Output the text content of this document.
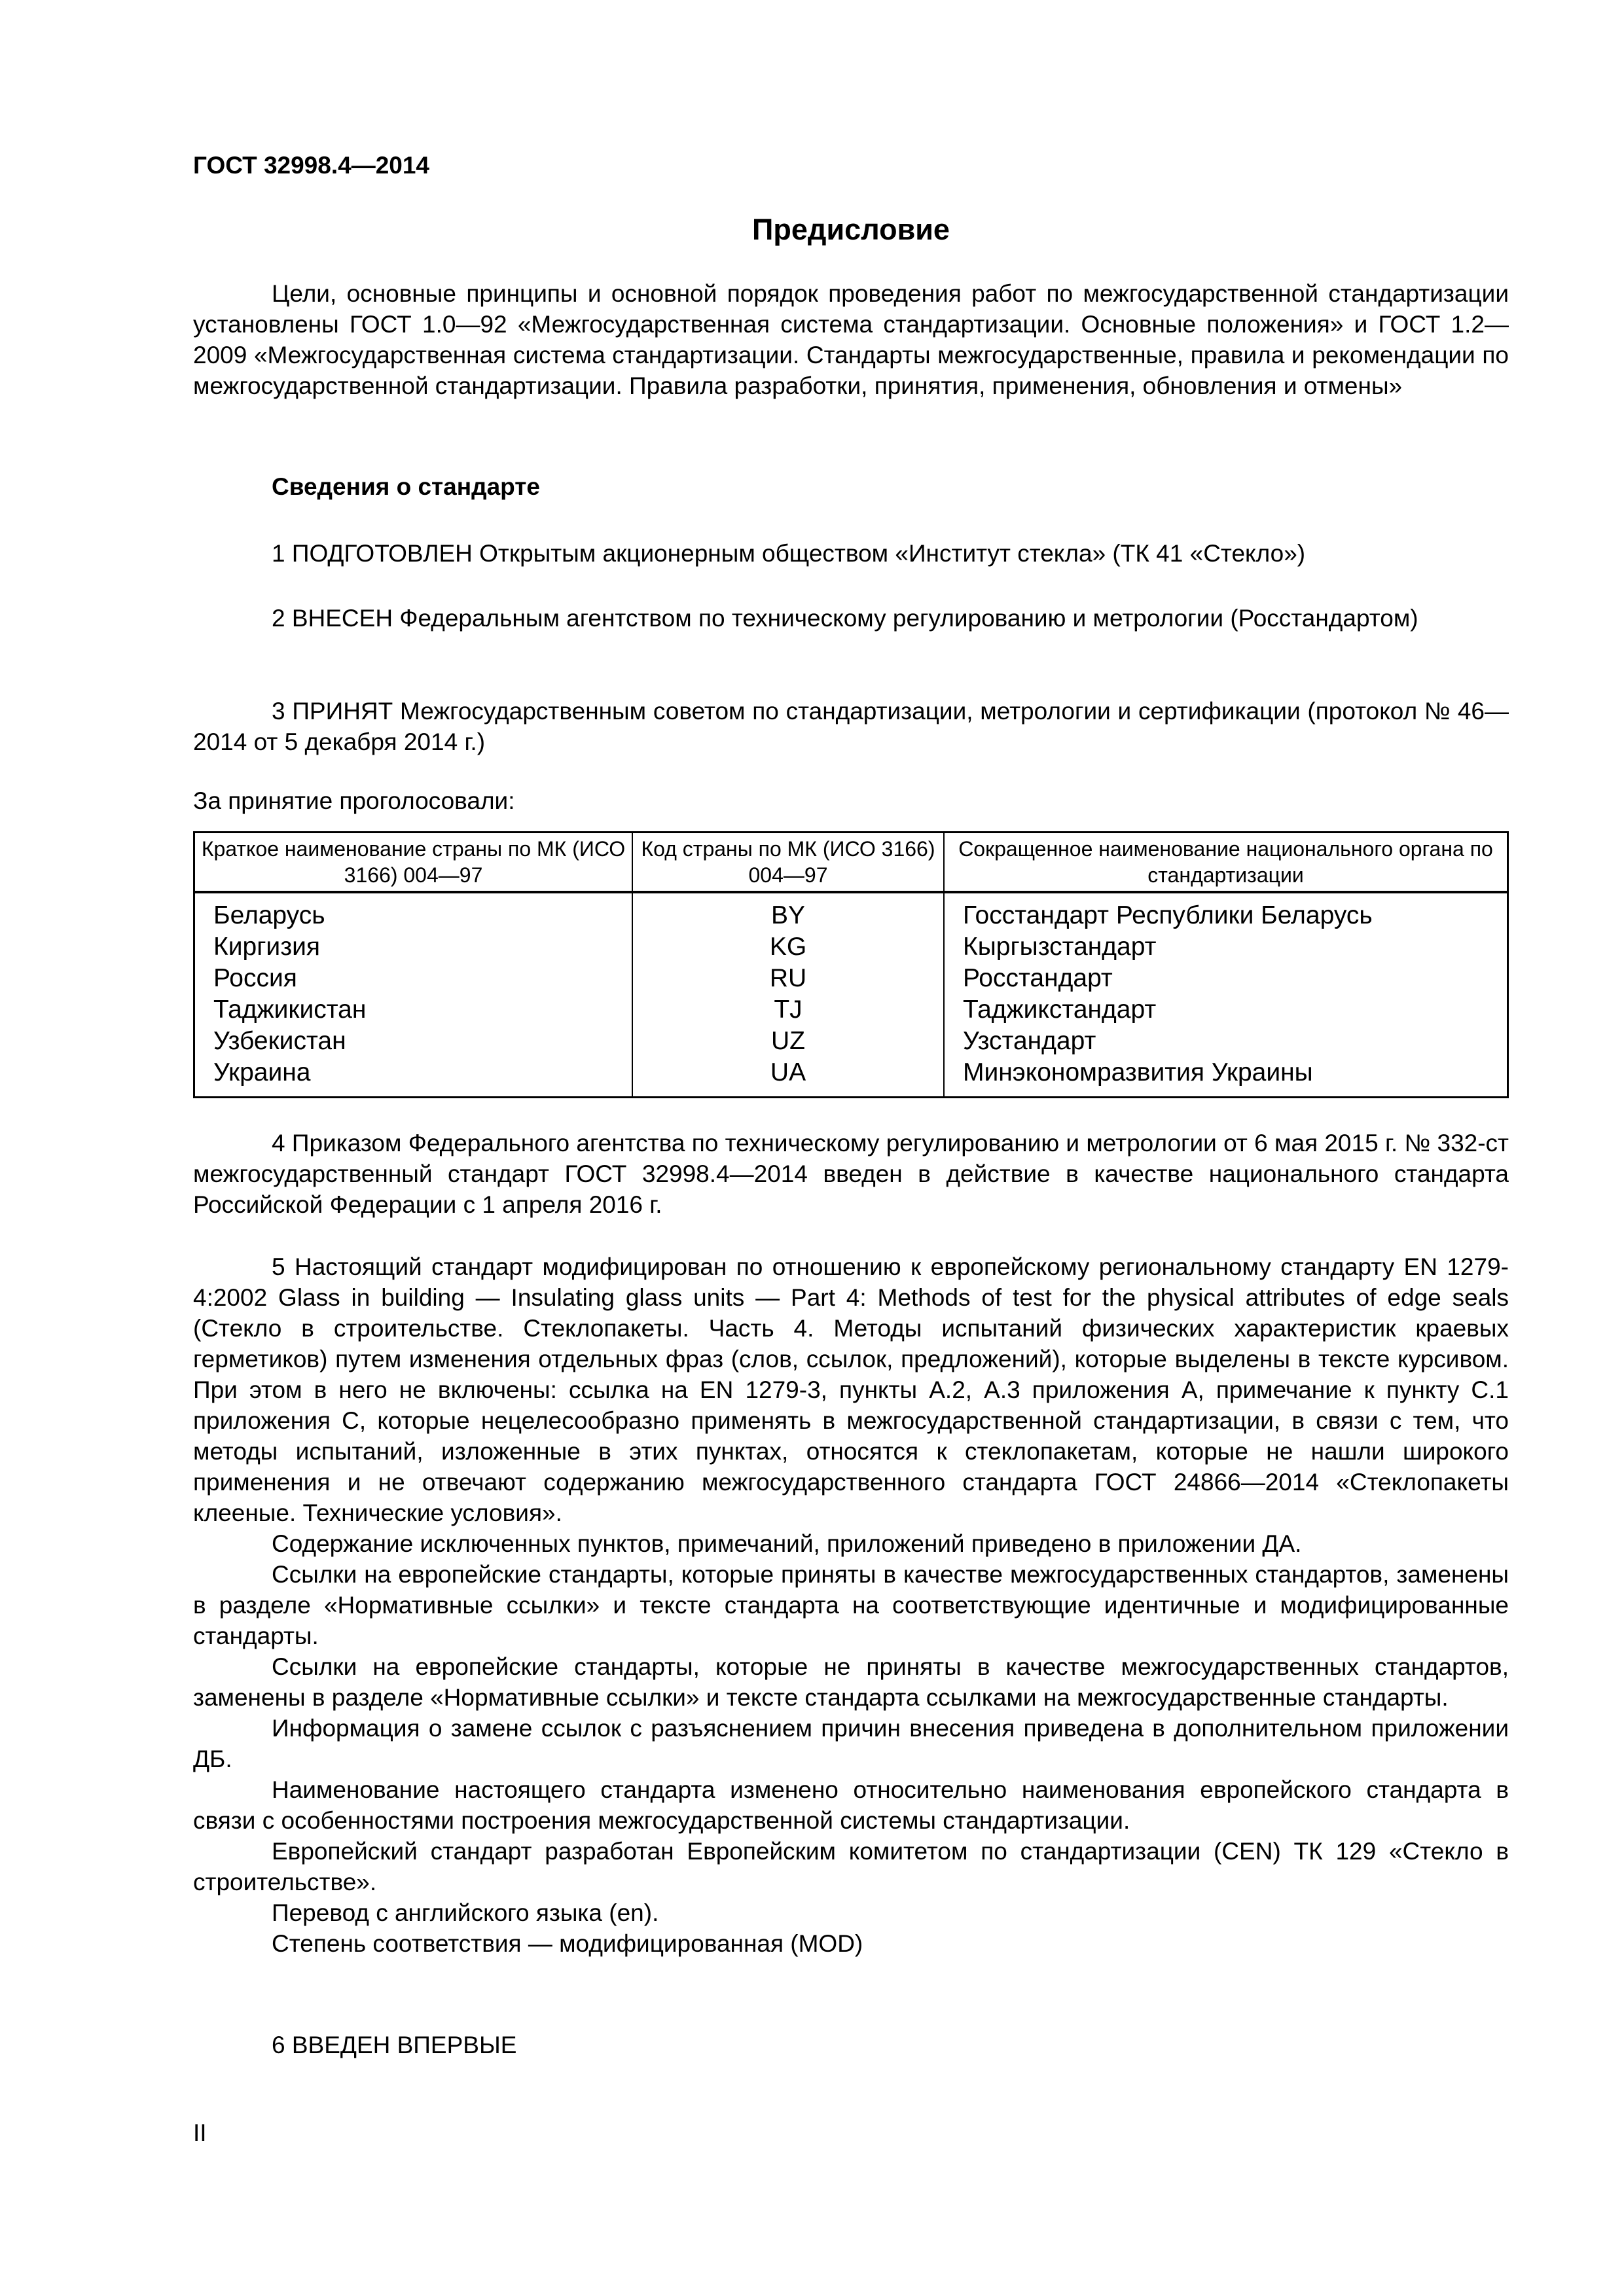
ГОСТ 32998.4—2014
Предисловие

Цели, основные принципы и основной порядок проведения работ по межгосударственной стандартизации установлены ГОСТ 1.0—92 «Межгосударственная система стандартизации. Основные положения» и ГОСТ 1.2—2009 «Межгосударственная система стандартизации. Стандарты межгосударственные, правила и рекомендации по межгосударственной стандартизации. Правила разработки, принятия, применения, обновления и отмены»

Сведения о стандарте
1 ПОДГОТОВЛЕН Открытым акционерным обществом «Институт стекла» (ТК 41 «Стекло»)

2 ВНЕСЕН Федеральным агентством по техническому регулированию и метрологии (Росстандартом)

3 ПРИНЯТ Межгосударственным советом по стандартизации, метрологии и сертификации (протокол № 46—2014 от 5 декабря 2014 г.)

За принятие проголосовали:
Краткое наименование страны по МК (ИСО 3166) 004—97	Код страны по МК (ИСО 3166) 004—97	Сокращенное наименование национального органа по стандартизации
Беларусь	BY	Госстандарт Республики Беларусь
Киргизия	KG	Кыргызстандарт
Россия	RU	Росстандарт
Таджикистан	TJ	Таджикстандарт
Узбекистан	UZ	Узстандарт
Украина	UA	Минэкономразвития Украины

4 Приказом Федерального агентства по техническому регулированию и метрологии от 6 мая 2015 г. № 332-ст межгосударственный стандарт ГОСТ 32998.4—2014 введен в действие в качестве национального стандарта Российской Федерации с 1 апреля 2016 г.

5 Настоящий стандарт модифицирован по отношению к европейскому региональному стандарту EN 1279-4:2002 Glass in building — Insulating glass units — Part 4: Methods of test for the physical attributes of edge seals (Стекло в строительстве. Стеклопакеты. Часть 4. Методы испытаний физических характеристик краевых герметиков) путем изменения отдельных фраз (слов, ссылок, предложений), которые выделены в тексте курсивом. При этом в него не включены: ссылка на EN 1279-3, пункты А.2, А.3 приложения А, примечание к пункту С.1 приложения С, которые нецелесообразно применять в межгосударственной стандартизации, в связи с тем, что методы испытаний, изложенные в этих пунктах, относятся к стеклопакетам, которые не нашли широкого применения и не отвечают содержанию межгосударственного стандарта ГОСТ 24866—2014 «Стеклопакеты клееные. Технические условия».

Содержание исключенных пунктов, примечаний, приложений приведено в приложении ДА.

Ссылки на европейские стандарты, которые приняты в качестве межгосударственных стандартов, заменены в разделе «Нормативные ссылки» и тексте стандарта на соответствующие идентичные и модифицированные стандарты.

Ссылки на европейские стандарты, которые не приняты в качестве межгосударственных стандартов, заменены в разделе «Нормативные ссылки» и тексте стандарта ссылками на межгосударственные стандарты.

Информация о замене ссылок с разъяснением причин внесения приведена в дополнительном приложении ДБ.

Наименование настоящего стандарта изменено относительно наименования европейского стандарта в связи с особенностями построения межгосударственной системы стандартизации.

Европейский стандарт разработан Европейским комитетом по стандартизации (CEN) ТК 129 «Стекло в строительстве».

Перевод с английского языка (en).

Степень соответствия — модифицированная (MOD)

6 ВВЕДЕН ВПЕРВЫЕ
II
